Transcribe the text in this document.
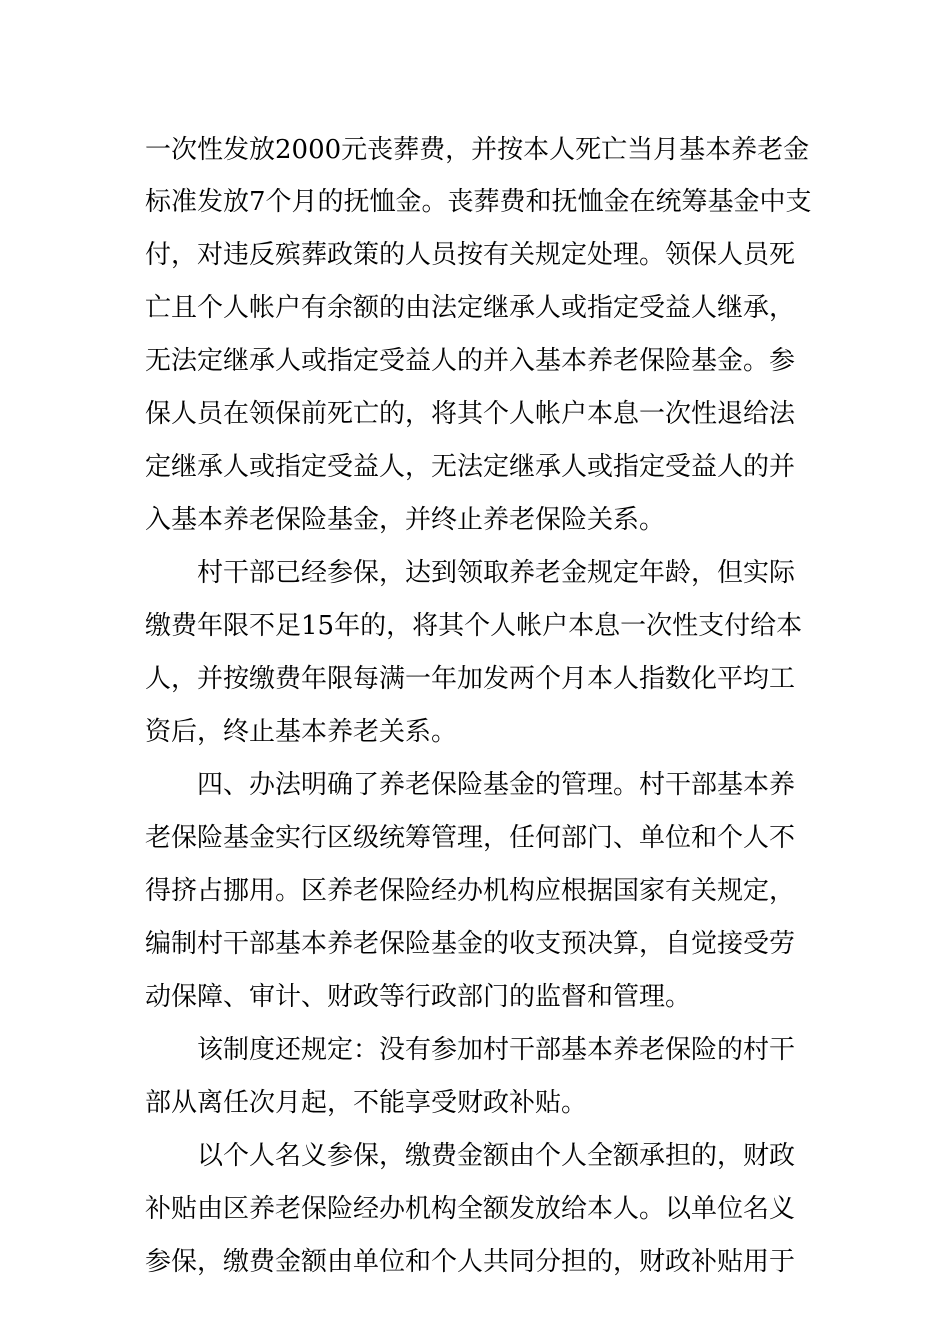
一次性发放2000元丧葬费，并按本人死亡当月基本养老金
标准发放7个月的抚恤金。丧葬费和抚恤金在统筹基金中支
付，对违反殡葬政策的人员按有关规定处理。领保人员死
亡且个人帐户有余额的由法定继承人或指定受益人继承，
无法定继承人或指定受益人的并入基本养老保险基金。参
保人员在领保前死亡的，将其个人帐户本息一次性退给法
定继承人或指定受益人，无法定继承人或指定受益人的并
入基本养老保险基金，并终止养老保险关系。
村干部已经参保，达到领取养老金规定年龄，但实际
缴费年限不足15年的，将其个人帐户本息一次性支付给本
人，并按缴费年限每满一年加发两个月本人指数化平均工
资后，终止基本养老关系。
四、办法明确了养老保险基金的管理。村干部基本养
老保险基金实行区级统筹管理，任何部门、单位和个人不
得挤占挪用。区养老保险经办机构应根据国家有关规定，
编制村干部基本养老保险基金的收支预决算，自觉接受劳
动保障、审计、财政等行政部门的监督和管理。
该制度还规定：没有参加村干部基本养老保险的村干
部从离任次月起，不能享受财政补贴。
以个人名义参保，缴费金额由个人全额承担的，财政
补贴由区养老保险经办机构全额发放给本人。以单位名义
参保，缴费金额由单位和个人共同分担的，财政补贴用于
